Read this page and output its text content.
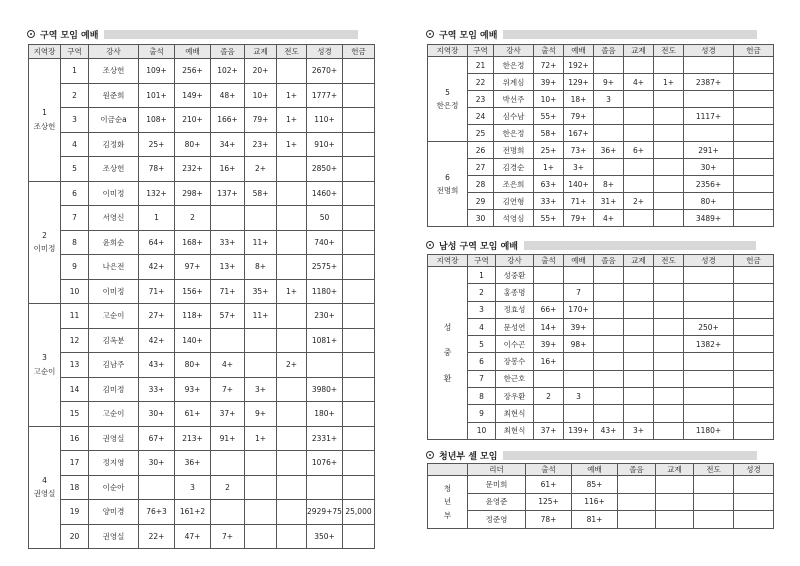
구역 모임 예배	구역 모임 예배
남성 구역 모임 예배
청년부 셀 모임
지역장	구역	강사	출석	예배	졸음	교제	전도	성경	헌금

1
조상헌	1	조상헌	109+	256+	102+	20+		2670+	
	2	원준희	101+	149+	48+	10+	1+	1777+	
	3	이금순a	108+	210+	166+	79+	1+	110+	
	4	김정화	25+	80+	34+	23+	1+	910+	
	5	조상헌	78+	232+	16+	2+		2850+	

2
이미정	6	이미정	132+	298+	137+	58+		1460+	
	7	서영신	1	2				50	
	8	윤희순	64+	168+	33+	11+		740+	
	9	나은전	42+	97+	13+	8+		2575+	
	10	이미정	71+	156+	71+	35+	1+	1180+	

3
고순이	11	고순이	27+	118+	57+	11+		230+	
	12	김옥분	42+	140+				1081+	
	13	김남주	43+	80+	4+		2+		
	14	김미정	33+	93+	7+	3+		3980+	
	15	고순이	30+	61+	37+	9+		180+	

4
권영실	16	권영실	67+	213+	91+	1+		2331+	
	17	정지영	30+	36+				1076+	
	18	이순아		3	2				
	19	양미경	76+3	161+2				2929+75	25,000
	20	권영실	22+	47+	7+			350+	
지역장	구역	강사	출석	예배	졸음	교제	전도	성경	헌금

5
한은정	21	한은정	72+	192+					
	22	위계심	39+	129+	9+	4+	1+	2387+	
	23	박선주	10+	18+	3				
	24	심수남	55+	79+				1117+	
	25	한은정	58+	167+					

6
전명희	26	전명희	25+	73+	36+	6+		291+	
	27	김경순	1+	3+				30+	
	28	조은희	63+	140+	8+			2356+	
	29	김연형	33+	71+	31+	2+		80+	
	30	석영심	55+	79+	4+			3489+	
지역장	구역	강사	출석	예배	졸음	교제	전도	성경	헌금

성
중
환	1	성중환							
	2	홍종명		7					
	3	정효성	66+	170+					
	4	문성연	14+	39+				250+	
	5	이수곤	39+	98+				1382+	
	6	장봉수	16+						
	7	한근호							
	8	장우환	2	3					
	9	최현식							
	10	최현식	37+	139+	43+	3+		1180+	
	리더	출석	예배	졸음	교제	전도	성경

청
년
부	문미희	61+	85+				
	윤영준	125+	116+				
	정준영	78+	81+				
